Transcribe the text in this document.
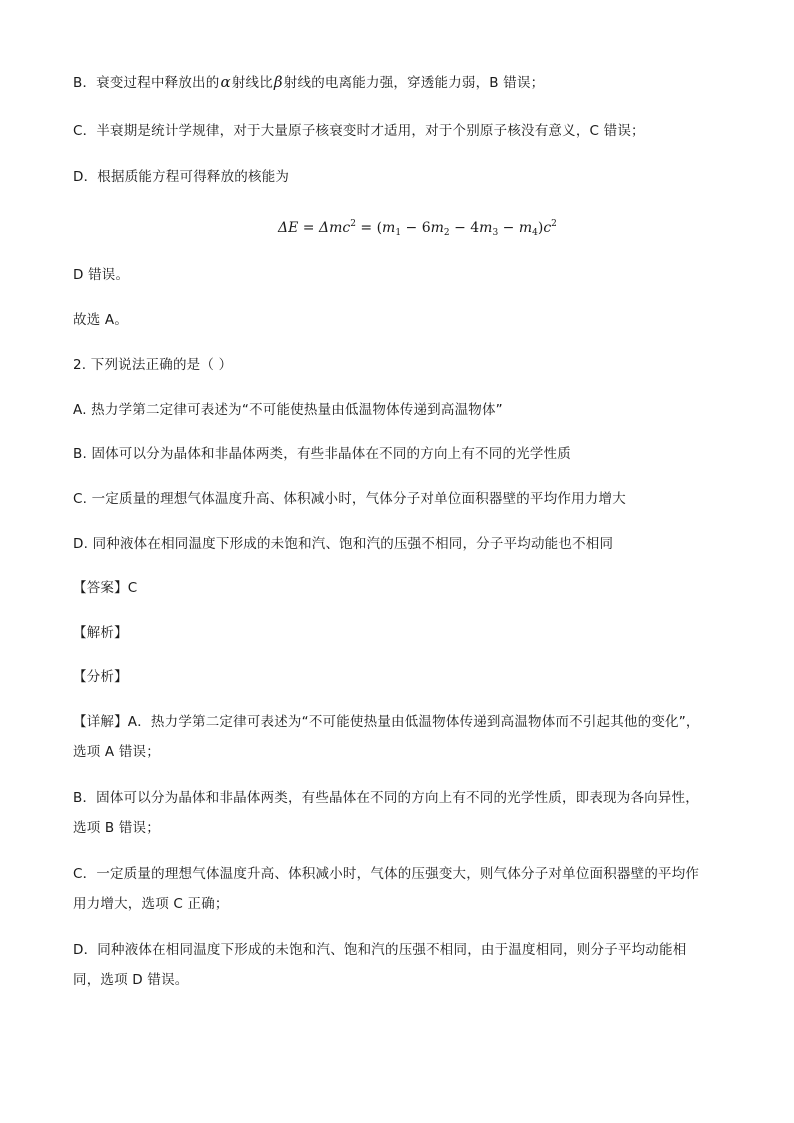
B．衰变过程中释放出的α射线比β射线的电离能力强，穿透能力弱，B 错误；
C．半衰期是统计学规律，对于大量原子核衰变时才适用，对于个别原子核没有意义，C 错误；
D．根据质能方程可得释放的核能为
$\Delta E = \Delta mc^2 = (m_1 - 6m_2 - 4m_3 - m_4)c^2$
D 错误。
故选 A。
2. 下列说法正确的是（ ）
A. 热力学第二定律可表述为“不可能使热量由低温物体传递到高温物体”
B. 固体可以分为晶体和非晶体两类，有些非晶体在不同的方向上有不同的光学性质
C. 一定质量的理想气体温度升高、体积减小时，气体分子对单位面积器壁的平均作用力增大
D. 同种液体在相同温度下形成的未饱和汽、饱和汽的压强不相同，分子平均动能也不相同
【答案】C
【解析】
【分析】
【详解】A．热力学第二定律可表述为“不可能使热量由低温物体传递到高温物体而不引起其他的变化”，
选项 A 错误；
B．固体可以分为晶体和非晶体两类，有些晶体在不同的方向上有不同的光学性质，即表现为各向异性，
选项 B 错误；
C．一定质量的理想气体温度升高、体积减小时，气体的压强变大，则气体分子对单位面积器壁的平均作
用力增大，选项 C 正确；
D．同种液体在相同温度下形成的未饱和汽、饱和汽的压强不相同，由于温度相同，则分子平均动能相
同，选项 D 错误。
